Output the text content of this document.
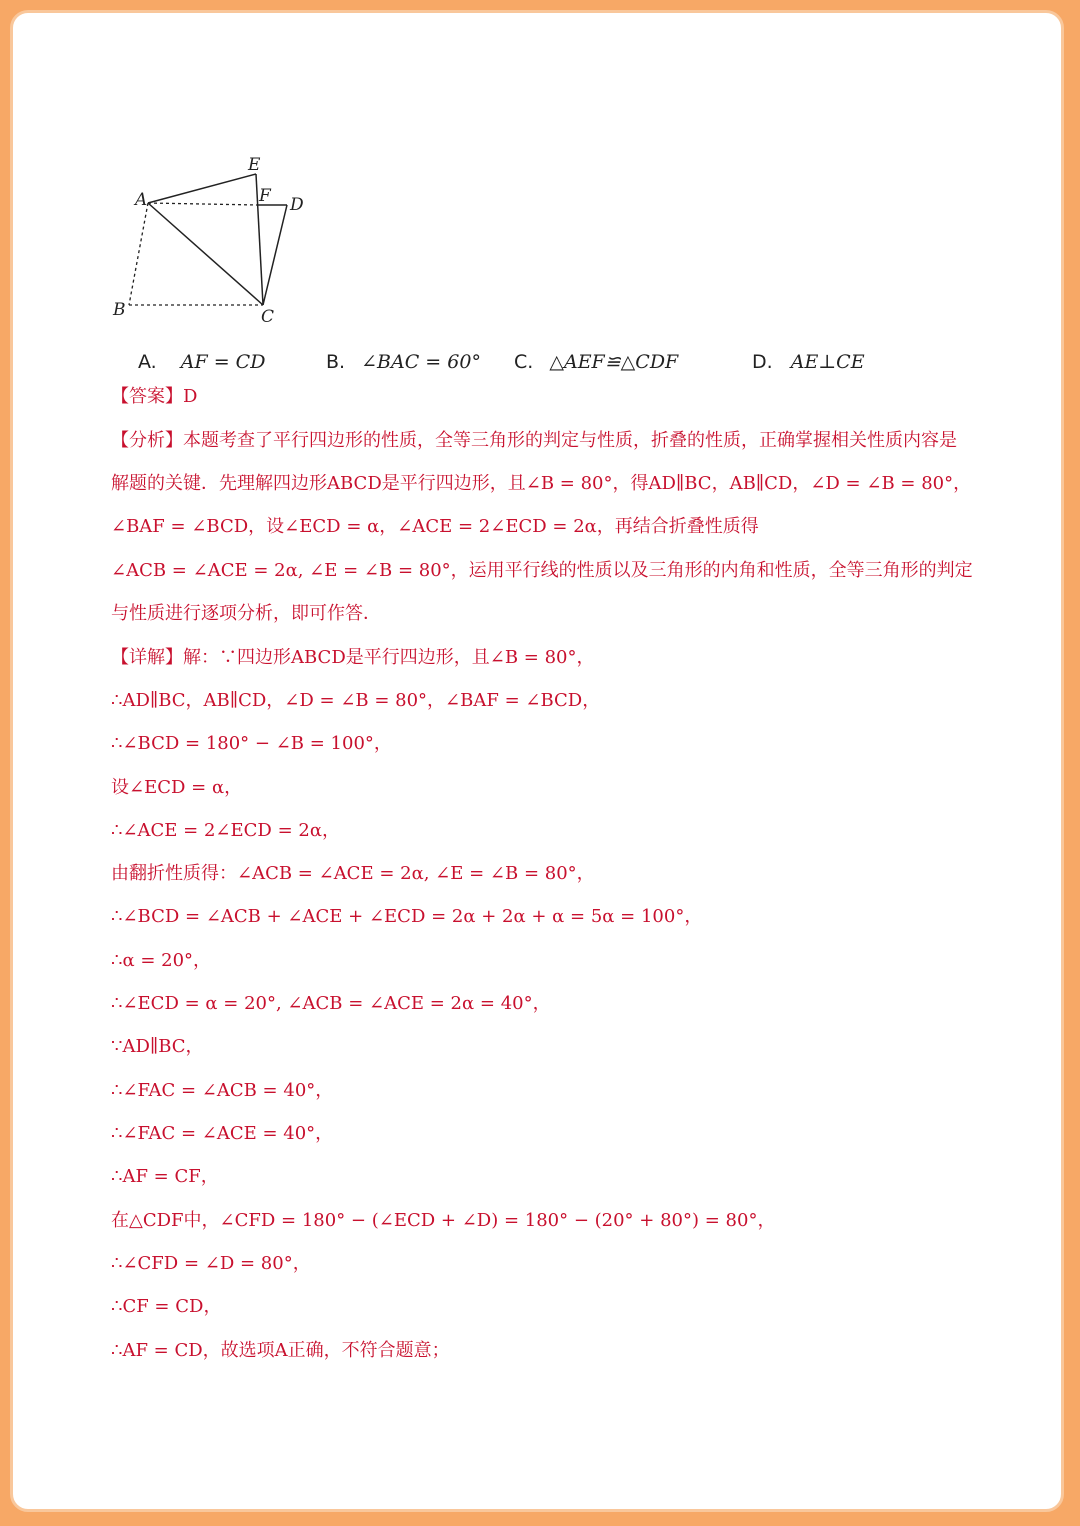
E
A	F D
B	C
A. AF = CD	B. ∠BAC = 60° C. △AEF≌△CDF	D. AE⊥CE
【答案】D
【分析】本题考查了平行四边形的性质，全等三角形的判定与性质，折叠的性质，正确掌握相关性质内容是
解题的关键．先理解四边形ABCD是平行四边形，且∠B = 80°，得AD∥BC，AB∥CD，∠D = ∠B = 80°，
∠BAF = ∠BCD，设∠ECD = α，∠ACE = 2∠ECD = 2α，再结合折叠性质得
∠ACB = ∠ACE = 2α, ∠E = ∠B = 80°，运用平行线的性质以及三角形的内角和性质，全等三角形的判定
与性质进行逐项分析，即可作答．
【详解】解：∵四边形ABCD是平行四边形，且∠B = 80°，
∴AD∥BC，AB∥CD，∠D = ∠B = 80°，∠BAF = ∠BCD，
∴∠BCD = 180° − ∠B = 100°，
设∠ECD = α，
∴∠ACE = 2∠ECD = 2α，
由翻折性质得：∠ACB = ∠ACE = 2α, ∠E = ∠B = 80°，
∴∠BCD = ∠ACB + ∠ACE + ∠ECD = 2α + 2α + α = 5α = 100°，
∴α = 20°，
∴∠ECD = α = 20°, ∠ACB = ∠ACE = 2α = 40°，
∵AD∥BC，
∴∠FAC = ∠ACB = 40°，
∴∠FAC = ∠ACE = 40°，
∴AF = CF，
在△CDF中，∠CFD = 180° − (∠ECD + ∠D) = 180° − (20° + 80°) = 80°，
∴∠CFD = ∠D = 80°，
∴CF = CD，
∴AF = CD，故选项A正确，不符合题意；
